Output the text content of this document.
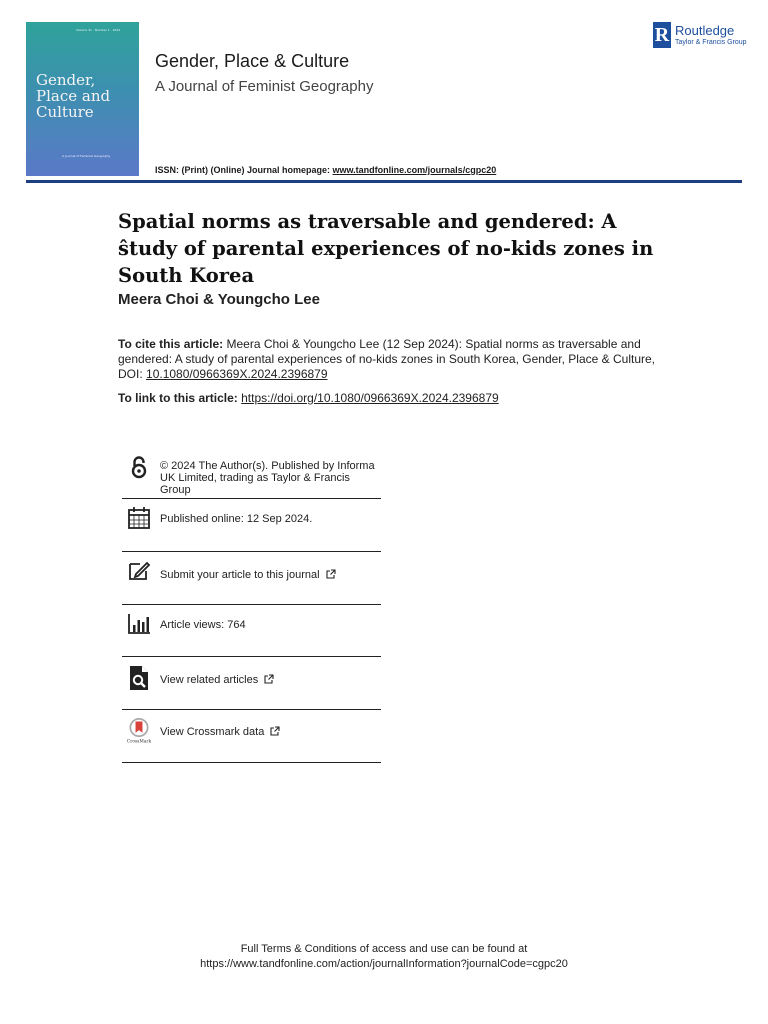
Volume 31 · Number 1 · 2024
Gender,
Place and
Culture
A Journal of Feminist Geography
Gender, Place & Culture
A Journal of Feminist Geography
ISSN: (Print) (Online) Journal homepage: www.tandfonline.com/journals/cgpc20
R Routledge
Taylor & Francis Group
Spatial norms as traversable and gendered: A ŝtudy of parental experiences of no-kids zones in South Korea
Meera Choi & Youngcho Lee
To cite this article: Meera Choi & Youngcho Lee (12 Sep 2024): Spatial norms as traversable and gendered: A study of parental experiences of no-kids zones in South Korea, Gender, Place & Culture, DOI: 10.1080/0966369X.2024.2396879
To link to this article: https://doi.org/10.1080/0966369X.2024.2396879
© 2024 The Author(s). Published by Informa UK Limited, trading as Taylor & Francis Group
Published online: 12 Sep 2024.
Submit your article to this journal
Article views: 764
View related articles
CrossMark
View Crossmark data
Full Terms & Conditions of access and use can be found at
https://www.tandfonline.com/action/journalInformation?journalCode=cgpc20
